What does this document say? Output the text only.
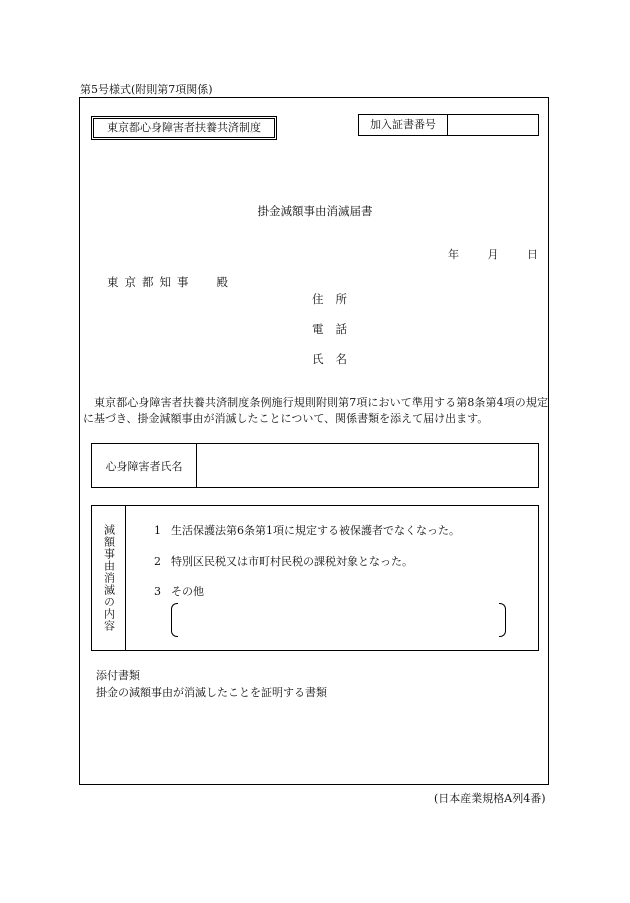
第5号様式(附則第7項関係)
東京都心身障害者扶養共済制度	加入証書番号
掛金減額事由消滅届書
年	月	日
東京都知事 殿
住所
電話
氏名
東京都心身障害者扶養共済制度条例施行規則附則第7項において準用する第8条第4項の規定に基づき、掛金減額事由が消滅したことについて、関係書類を添えて届け出ます。
心身障害者氏名
減額事由消滅の内容	1 生活保護法第6条第1項に規定する被保護者でなくなった。
2 特別区民税又は市町村民税の課税対象となった。
3 その他
添付書類
掛金の減額事由が消滅したことを証明する書類
(日本産業規格A列4番)
